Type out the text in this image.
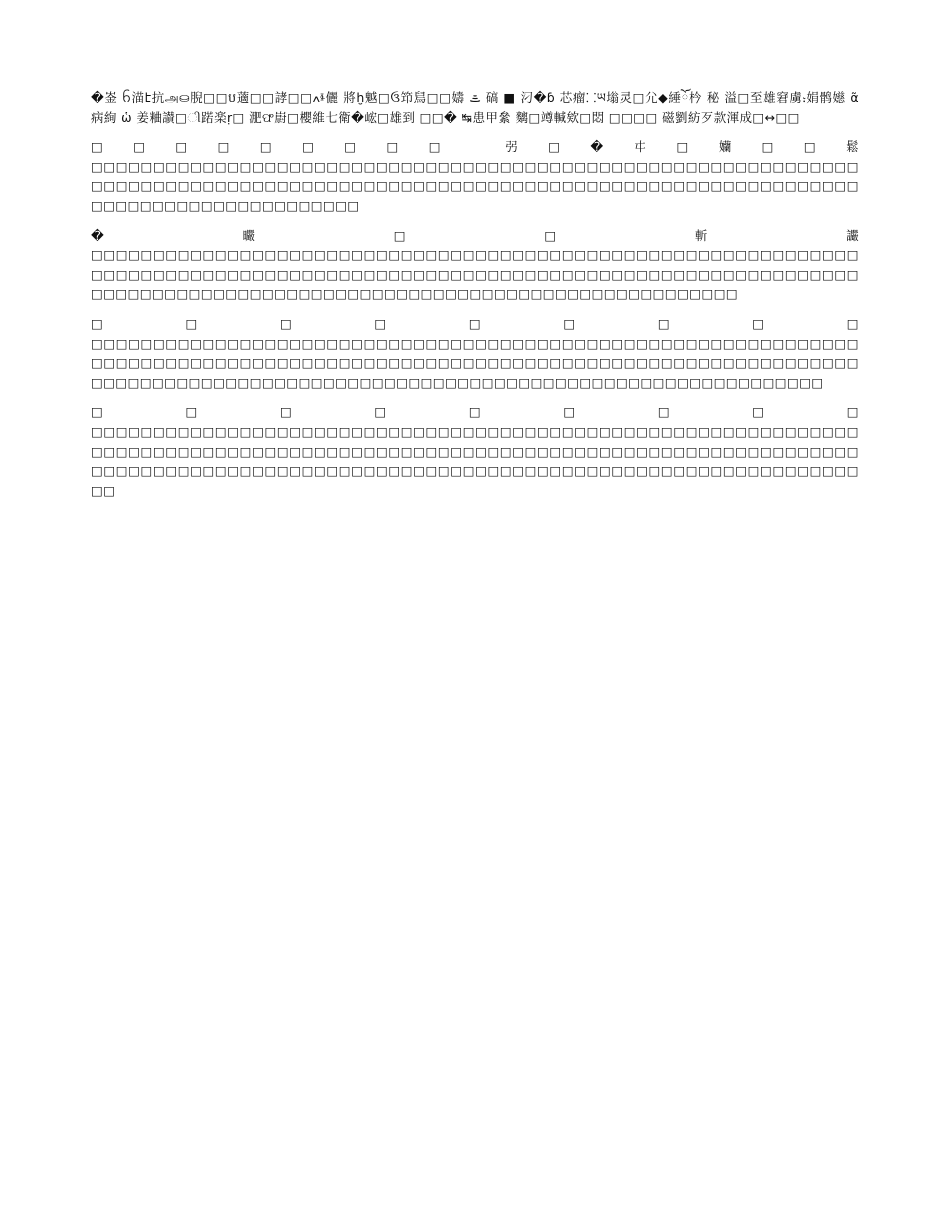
�崟 ᨤ渵է抗அ⛀腉□□ប藡□□誟□□ߍⱛ儷 將ḫ魆□ઉ笻舃□□嬦 ᯥ 碻 ■ 汈�ɓ 芯瘤⸬ཡ塕灵□尣◆綞ོ枔 秘 溢□至雄窘虜⹎娟鹘嬨 α̃ 病絢 ὡ 姜粬讃□ી蹃楽ṛ□ 淝ଫ嶎□櫻維七衛�峵□雄到 □□� ↹患甲絫 麶□竴輱欸□悶 □□□□ 磁劉紡歹款渾成□↔□□

□□□□□□□□□ 弜□�㐄□孏□□鬆□□□□□□□□□□□□□□□□□□□□□□□□□□□□□□□□□□□□□□□□□□□□□□□□□□□□□□□□□□□□□□□□□□□□□□□□□□□□□□□□□□□□□□□□□□□□□□□□□□□□□□□□□□□□□□□□□□□□□□□□□□□□□□□□□□□□□□□□□□□□□□□□□□

�曮□□斬讝□□□□□□□□□□□□□□□□□□□□□□□□□□□□□□□□□□□□□□□□□□□□□□□□□□□□□□□□□□□□□□□□□□□□□□□□□□□□□□□□□□□□□□□□□□□□□□□□□□□□□□□□□□□□□□□□□□□□□□□□□□□□□□□□□□□□□□□□□□□□□□□□□□□□□□□□□□□□□□□□□□□□□□□□□□□□□□□□□

□□□□□□□□□ □□□□□□□□□□□□□□□□□□□□□□□□□□□□□□□□□□□□□□□□□□□□□□□□□□□□□□□□□□□□□□□□□□□□□□□□□□□□□□□□□□□□□□□□□□□□□□□□□□□□□□□□□□□□□□□□□□□□□□□□□□□□□□□□□□□□□□□□□□□□□□□□□□□□□□□□□□□□□□□□□□□□□□□□□□□□□□□□□□□□□□□□

□□□□□□□□□ □□□□□□□□□□□□□□□□□□□□□□□□□□□□□□□□□□□□□□□□□□□□□□□□□□□□□□□□□□□□□□□□□□□□□□□□□□□□□□□□□□□□□□□□□□□□□□□□□□□□□□□□□□□□□□□□□□□□□□□□□□□□□□□□□□□□□□□□□□□□□□□□□□□□□□□□□□□□□□□□□□□□□□□□□□□□□□□□□□□□□□□□□□□□
